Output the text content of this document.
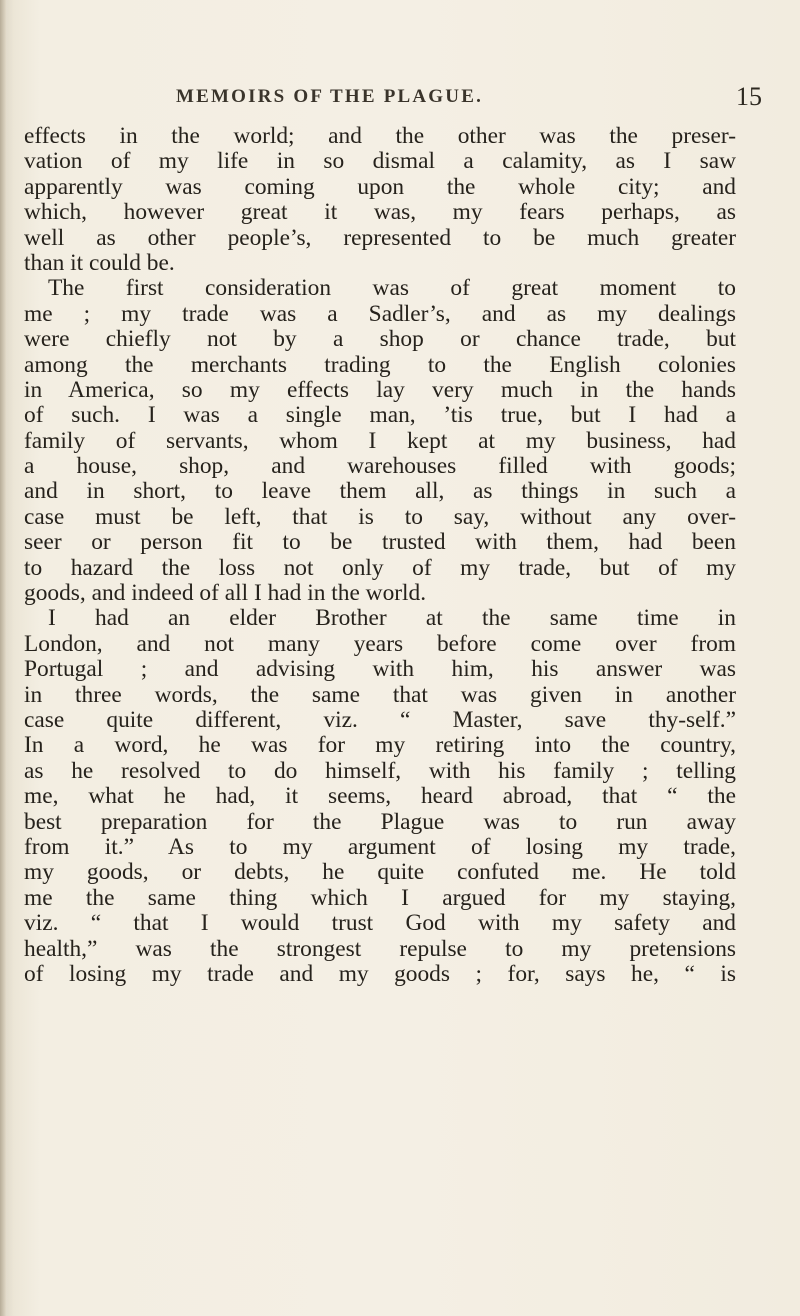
MEMOIRS OF THE PLAGUE.	15
effects in the world; and the other was the preser-
vation of my life in so dismal a calamity, as I saw
apparently was coming upon the whole city; and
which, however great it was, my fears perhaps, as
well as other people’s, represented to be much greater
than it could be.
The first consideration was of great moment to
me ; my trade was a Sadler’s, and as my dealings
were chiefly not by a shop or chance trade, but
among the merchants trading to the English colonies
in America, so my effects lay very much in the hands
of such. I was a single man, ’tis true, but I had a
family of servants, whom I kept at my business, had
a house, shop, and warehouses filled with goods;
and in short, to leave them all, as things in such a
case must be left, that is to say, without any over-
seer or person fit to be trusted with them, had been
to hazard the loss not only of my trade, but of my
goods, and indeed of all I had in the world.
I had an elder Brother at the same time in
London, and not many years before come over from
Portugal ; and advising with him, his answer was
in three words, the same that was given in another
case quite different, viz. “ Master, save thy-self.”
In a word, he was for my retiring into the country,
as he resolved to do himself, with his family ; telling
me, what he had, it seems, heard abroad, that “ the
best preparation for the Plague was to run away
from it.” As to my argument of losing my trade,
my goods, or debts, he quite confuted me. He told
me the same thing which I argued for my staying,
viz. “ that I would trust God with my safety and
health,” was the strongest repulse to my pretensions
of losing my trade and my goods ; for, says he, “ is
